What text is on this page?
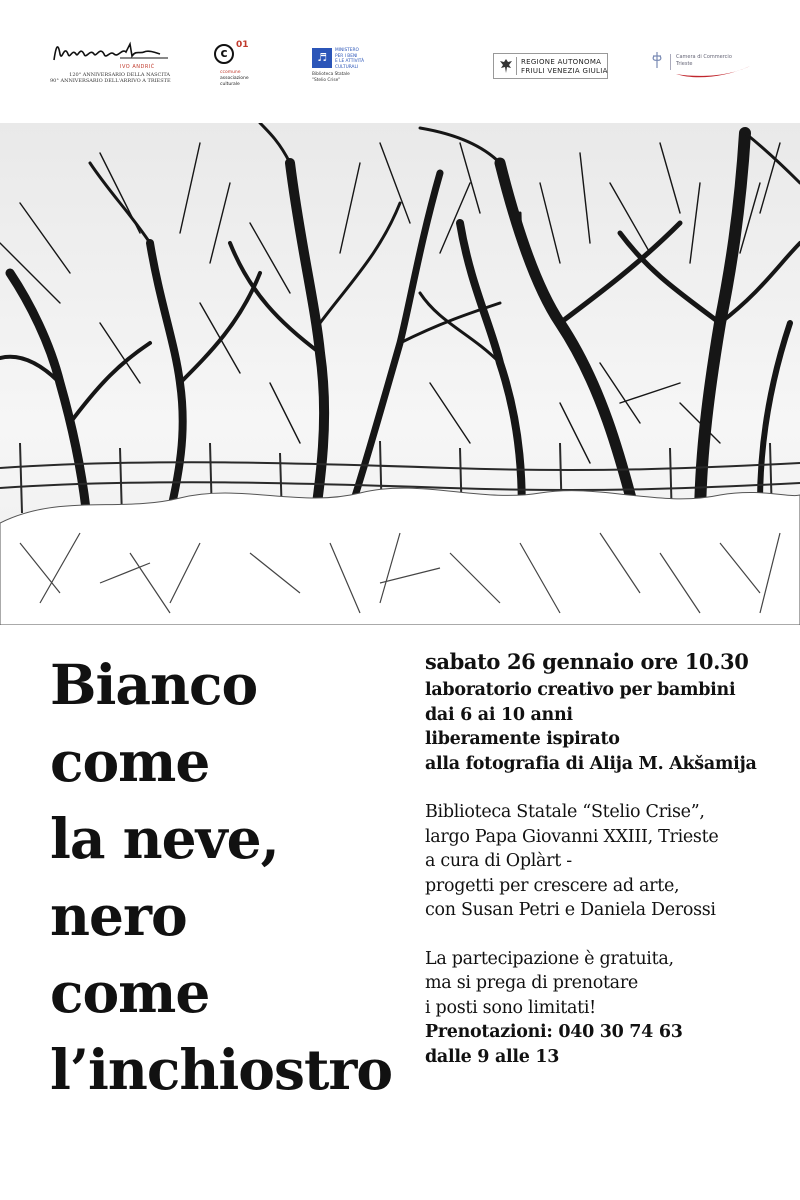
IVO ANDRIĆ
120° ANNIVERSARIO DELLA NASCITA
90° ANNIVERSARIO DELL'ARRIVO A TRIESTE
c
01
ccomune
associazione
culturale
♬
MINISTERO
PER I BENI
E LE ATTIVITÀ
CULTURALI
Biblioteca Statale
"Stelio Crise"
REGIONE AUTONOMA
FRIULI VENEZIA GIULIA
Camera di Commercio
Trieste
Bianco
come
la neve,
nero
come
l’inchiostro
sabato 26 gennaio ore 10.30
laboratorio creativo per bambini
dai 6 ai 10 anni
liberamente ispirato
alla fotografia di Alija M. Akšamija
Biblioteca Statale “Stelio Crise”,
largo Papa Giovanni XXIII, Trieste
a cura di Oplàrt -
progetti per crescere ad arte,
con Susan Petri e Daniela Derossi
La partecipazione è gratuita,
ma si prega di prenotare
i posti sono limitati!
Prenotazioni: 040 30 74 63
dalle 9 alle 13
